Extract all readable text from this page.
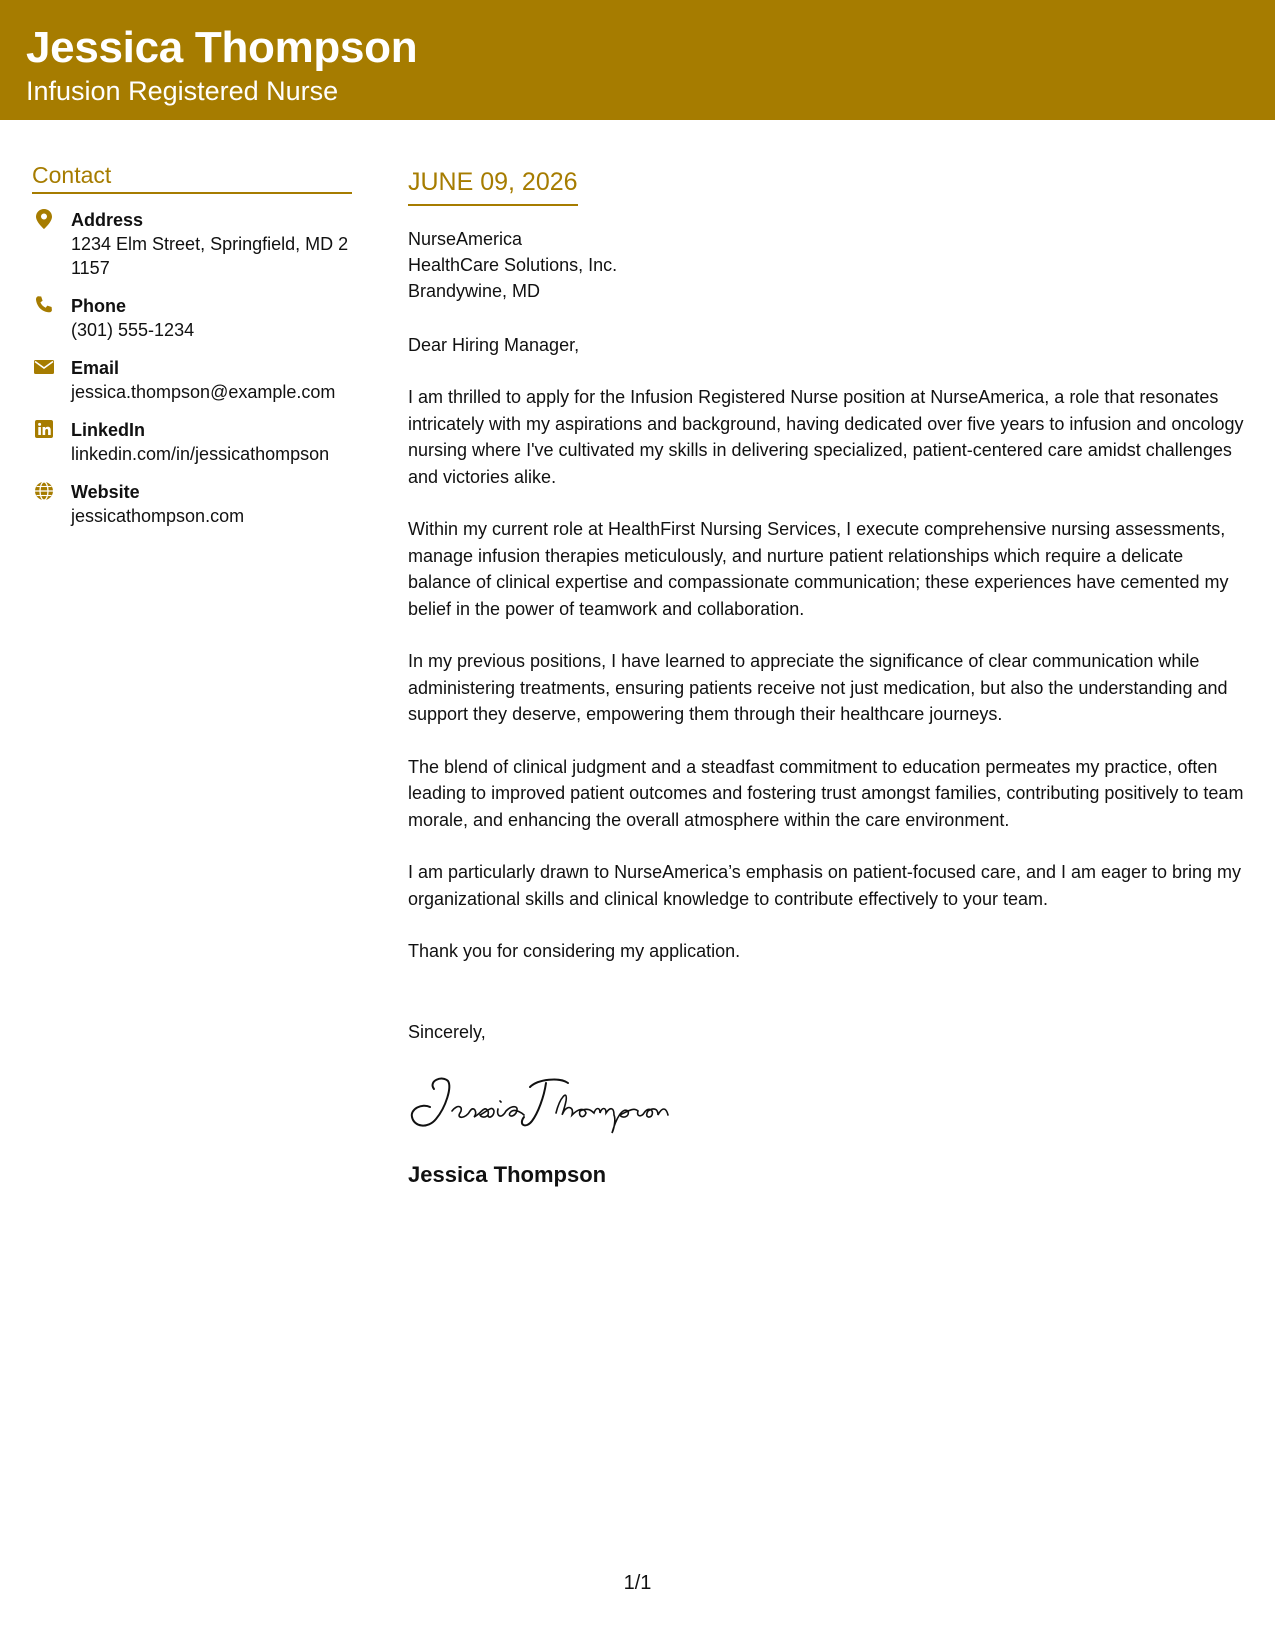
Jessica Thompson
Infusion Registered Nurse
Contact
Address
1234 Elm Street, Springfield, MD 21157
Phone
(301) 555-1234
Email
jessica.thompson@example.com
LinkedIn
linkedin.com/in/jessicathompson
Website
jessicathompson.com
JUNE 09, 2026
NurseAmerica
HealthCare Solutions, Inc.
Brandywine, MD
Dear Hiring Manager,
I am thrilled to apply for the Infusion Registered Nurse position at NurseAmerica, a role that resonates intricately with my aspirations and background, having dedicated over five years to infusion and oncology nursing where I've cultivated my skills in delivering specialized, patient-centered care amidst challenges and victories alike.
Within my current role at HealthFirst Nursing Services, I execute comprehensive nursing assessments, manage infusion therapies meticulously, and nurture patient relationships which require a delicate balance of clinical expertise and compassionate communication; these experiences have cemented my belief in the power of teamwork and collaboration.
In my previous positions, I have learned to appreciate the significance of clear communication while administering treatments, ensuring patients receive not just medication, but also the understanding and support they deserve, empowering them through their healthcare journeys.
The blend of clinical judgment and a steadfast commitment to education permeates my practice, often leading to improved patient outcomes and fostering trust amongst families, contributing positively to team morale, and enhancing the overall atmosphere within the care environment.
I am particularly drawn to NurseAmerica’s emphasis on patient-focused care, and I am eager to bring my organizational skills and clinical knowledge to contribute effectively to your team.
Thank you for considering my application.
Sincerely,
Jessica Thompson
1/1
